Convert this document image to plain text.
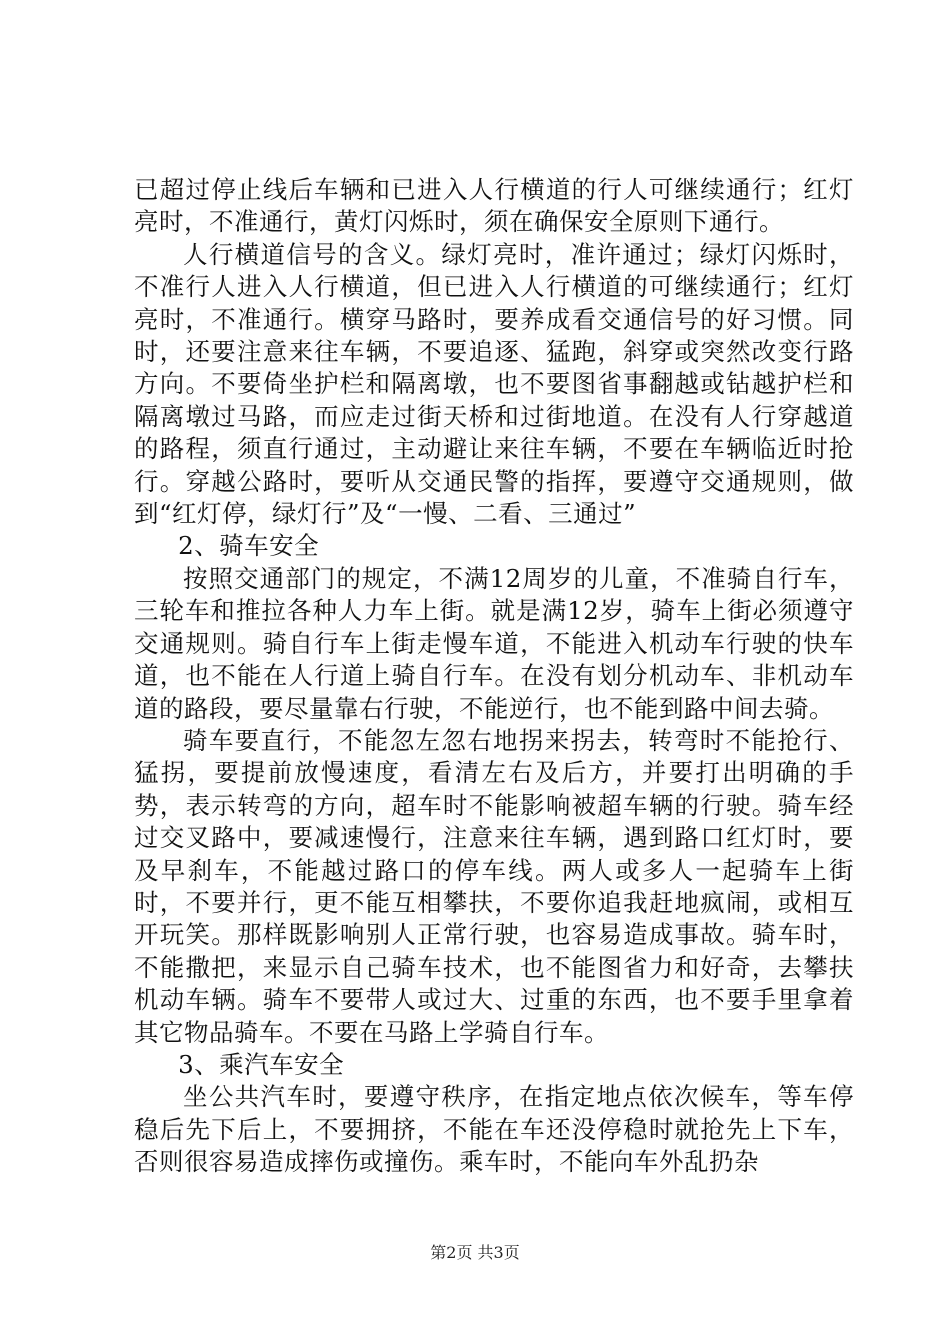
已超过停止线后车辆和已进入人行横道的行人可继续通行；红灯亮时，不准通行，黄灯闪烁时，须在确保安全原则下通行。

人行横道信号的含义。绿灯亮时，准许通过；绿灯闪烁时，不准行人进入人行横道，但已进入人行横道的可继续通行；红灯亮时，不准通行。横穿马路时，要养成看交通信号的好习惯。同时，还要注意来往车辆，不要追逐、猛跑，斜穿或突然改变行路方向。不要倚坐护栏和隔离墩，也不要图省事翻越或钻越护栏和隔离墩过马路，而应走过街天桥和过街地道。在没有人行穿越道的路程，须直行通过，主动避让来往车辆，不要在车辆临近时抢行。穿越公路时，要听从交通民警的指挥，要遵守交通规则，做到“红灯停，绿灯行”及“一慢、二看、三通过”

2、骑车安全

按照交通部门的规定，不满12周岁的儿童，不准骑自行车，三轮车和推拉各种人力车上街。就是满12岁，骑车上街必须遵守交通规则。骑自行车上街走慢车道，不能进入机动车行驶的快车道，也不能在人行道上骑自行车。在没有划分机动车、非机动车道的路段，要尽量靠右行驶，不能逆行，也不能到路中间去骑。

骑车要直行，不能忽左忽右地拐来拐去，转弯时不能抢行、猛拐，要提前放慢速度，看清左右及后方，并要打出明确的手势，表示转弯的方向，超车时不能影响被超车辆的行驶。骑车经过交叉路中，要减速慢行，注意来往车辆，遇到路口红灯时，要及早刹车，不能越过路口的停车线。两人或多人一起骑车上街时，不要并行，更不能互相攀扶，不要你追我赶地疯闹，或相互开玩笑。那样既影响别人正常行驶，也容易造成事故。骑车时，不能撒把，来显示自己骑车技术，也不能图省力和好奇，去攀扶机动车辆。骑车不要带人或过大、过重的东西，也不要手里拿着其它物品骑车。不要在马路上学骑自行车。

3、乘汽车安全

坐公共汽车时，要遵守秩序，在指定地点依次候车，等车停稳后先下后上，不要拥挤，不能在车还没停稳时就抢先上下车，否则很容易造成摔伤或撞伤。乘车时，不能向车外乱扔杂

第2页 共3页
